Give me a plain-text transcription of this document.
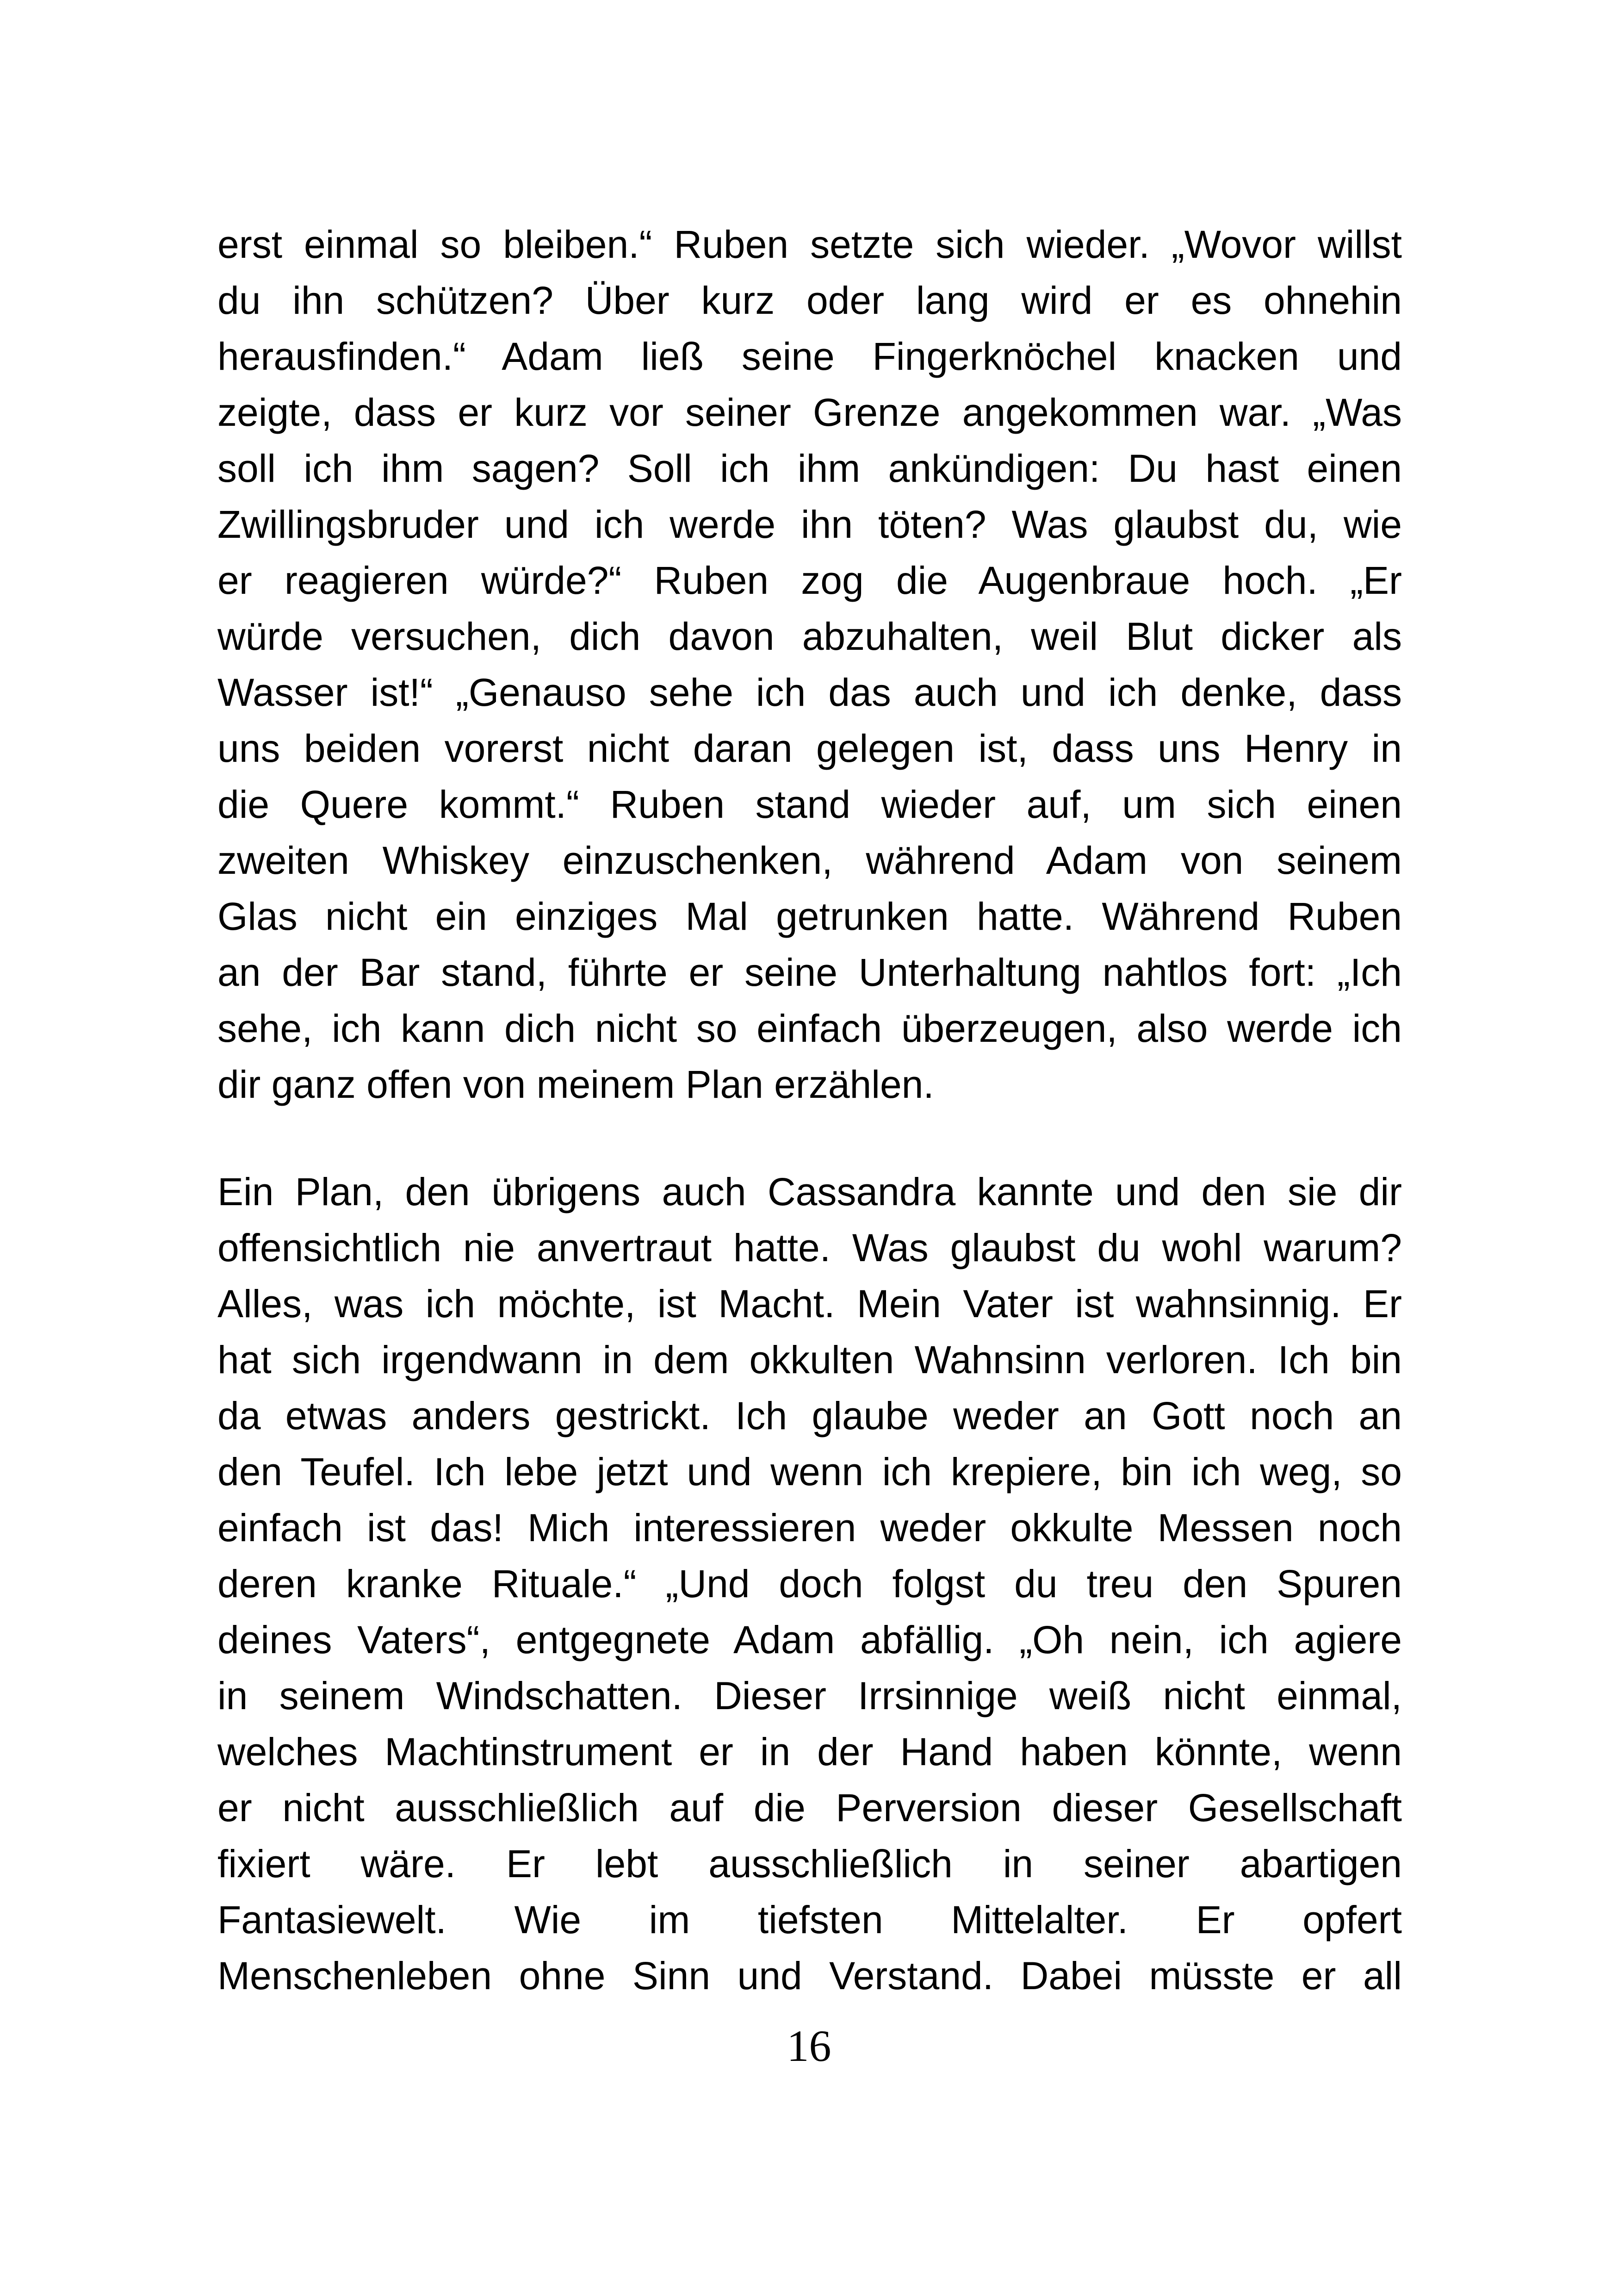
erst einmal so bleiben.“ Ruben setzte sich wieder. „Wovor willst
du ihn schützen? Über kurz oder lang wird er es ohnehin
herausfinden.“ Adam ließ seine Fingerknöchel knacken und
zeigte, dass er kurz vor seiner Grenze angekommen war. „Was
soll ich ihm sagen? Soll ich ihm ankündigen: Du hast einen
Zwillingsbruder und ich werde ihn töten? Was glaubst du, wie
er reagieren würde?“ Ruben zog die Augenbraue hoch. „Er
würde versuchen, dich davon abzuhalten, weil Blut dicker als
Wasser ist!“ „Genauso sehe ich das auch und ich denke, dass
uns beiden vorerst nicht daran gelegen ist, dass uns Henry in
die Quere kommt.“ Ruben stand wieder auf, um sich einen
zweiten Whiskey einzuschenken, während Adam von seinem
Glas nicht ein einziges Mal getrunken hatte. Während Ruben
an der Bar stand, führte er seine Unterhaltung nahtlos fort: „Ich
sehe, ich kann dich nicht so einfach überzeugen, also werde ich
dir ganz offen von meinem Plan erzählen.
Ein Plan, den übrigens auch Cassandra kannte und den sie dir
offensichtlich nie anvertraut hatte. Was glaubst du wohl warum?
Alles, was ich möchte, ist Macht. Mein Vater ist wahnsinnig. Er
hat sich irgendwann in dem okkulten Wahnsinn verloren. Ich bin
da etwas anders gestrickt. Ich glaube weder an Gott noch an
den Teufel. Ich lebe jetzt und wenn ich krepiere, bin ich weg, so
einfach ist das! Mich interessieren weder okkulte Messen noch
deren kranke Rituale.“ „Und doch folgst du treu den Spuren
deines Vaters“, entgegnete Adam abfällig. „Oh nein, ich agiere
in seinem Windschatten. Dieser Irrsinnige weiß nicht einmal,
welches Machtinstrument er in der Hand haben könnte, wenn
er nicht ausschließlich auf die Perversion dieser Gesellschaft
fixiert wäre. Er lebt ausschließlich in seiner abartigen
Fantasiewelt. Wie im tiefsten Mittelalter. Er opfert
Menschenleben ohne Sinn und Verstand. Dabei müsste er all
16
